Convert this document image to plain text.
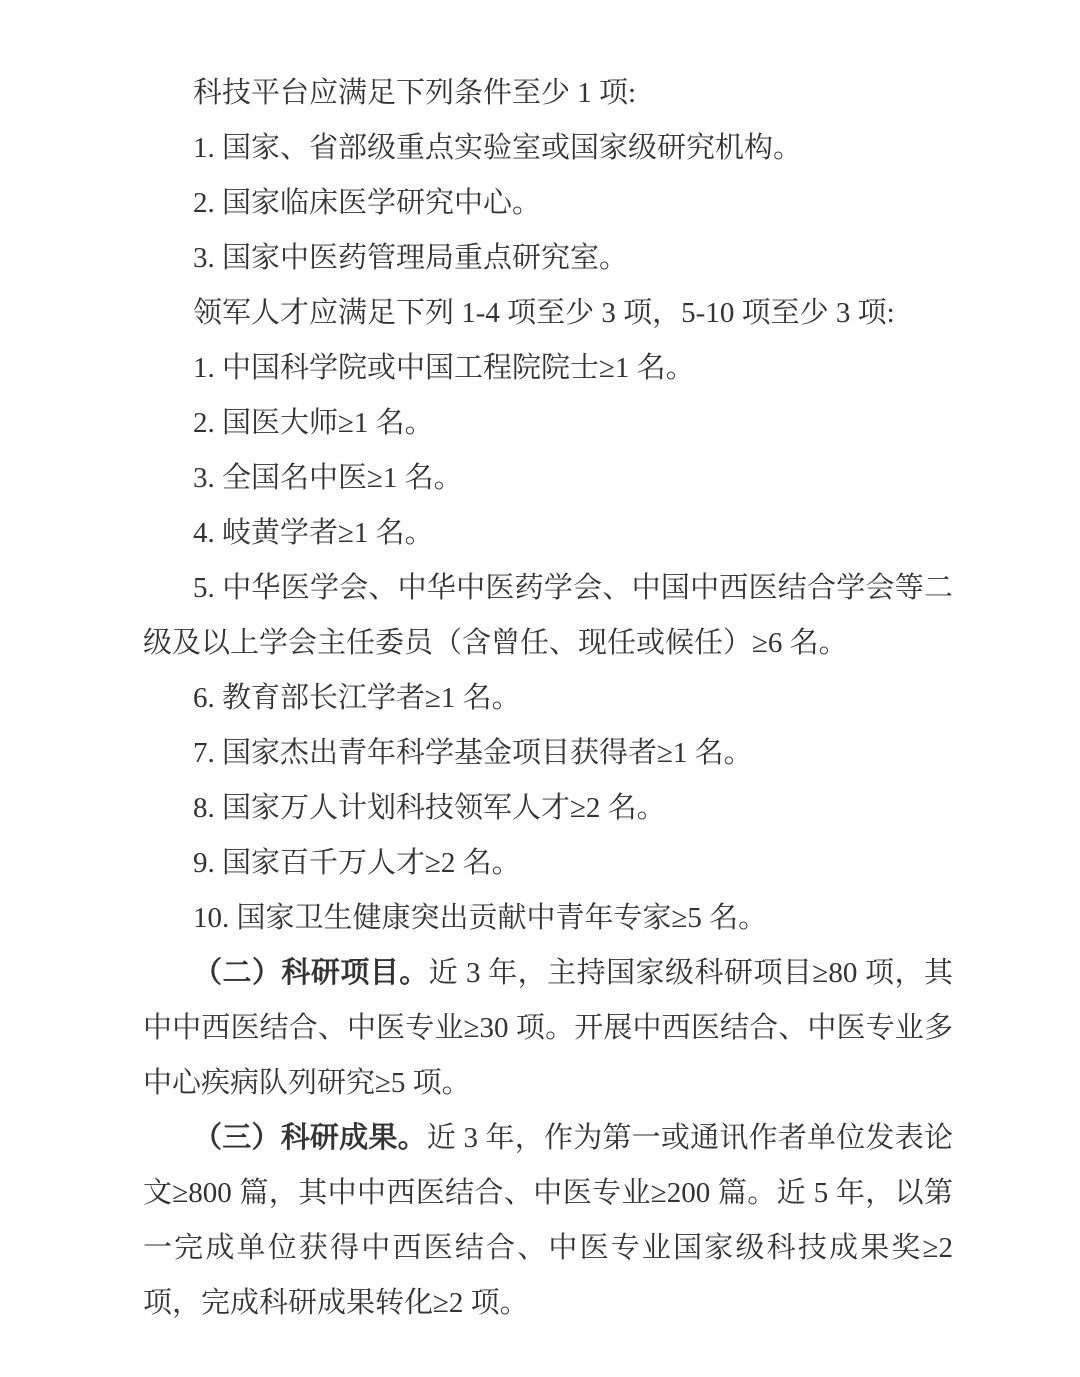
科技平台应满足下列条件至少 1 项:

1. 国家、省部级重点实验室或国家级研究机构。

2. 国家临床医学研究中心。

3. 国家中医药管理局重点研究室。

领军人才应满足下列 1-4 项至少 3 项，5-10 项至少 3 项:

1. 中国科学院或中国工程院院士≥1 名。

2. 国医大师≥1 名。

3. 全国名中医≥1 名。

4. 岐黄学者≥1 名。

5. 中华医学会、中华中医药学会、中国中西医结合学会等二级及以上学会主任委员（含曾任、现任或候任）≥6 名。

6. 教育部长江学者≥1 名。

7. 国家杰出青年科学基金项目获得者≥1 名。

8. 国家万人计划科技领军人才≥2 名。

9. 国家百千万人才≥2 名。

10. 国家卫生健康突出贡献中青年专家≥5 名。

（二）科研项目。近 3 年，主持国家级科研项目≥80 项，其中中西医结合、中医专业≥30 项。开展中西医结合、中医专业多中心疾病队列研究≥5 项。

（三）科研成果。近 3 年，作为第一或通讯作者单位发表论文≥800 篇，其中中西医结合、中医专业≥200 篇。近 5 年，以第一完成单位获得中西医结合、中医专业国家级科技成果奖≥2 项，完成科研成果转化≥2 项。
